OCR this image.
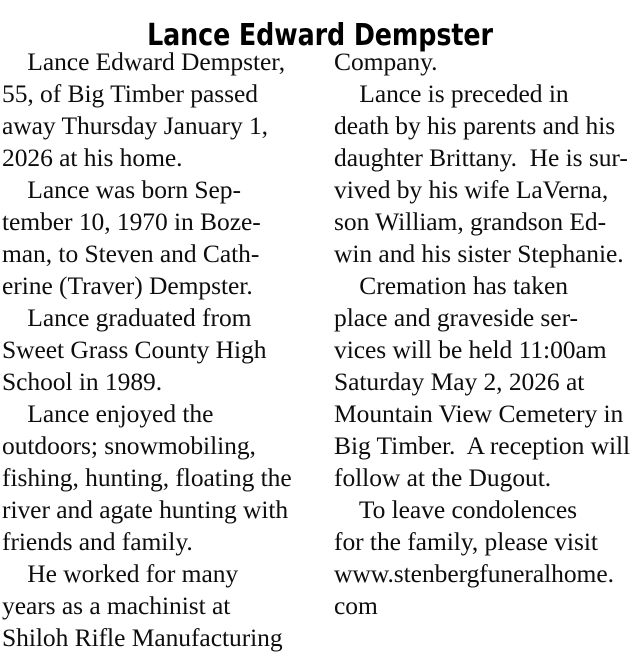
Lance Edward Dempster
Lance Edward Dempster,
55, of Big Timber passed
away Thursday January 1,
2026 at his home.
Lance was born Sep-
tember 10, 1970 in Boze-
man, to Steven and Cath-
erine (Traver) Dempster.
Lance graduated from
Sweet Grass County High
School in 1989.
Lance enjoyed the
outdoors; snowmobiling,
fishing, hunting, floating the
river and agate hunting with
friends and family.
He worked for many
years as a machinist at
Shiloh Rifle Manufacturing
Company.
Lance is preceded in
death by his parents and his
daughter Brittany.  He is sur-
vived by his wife LaVerna,
son William, grandson Ed-
win and his sister Stephanie.
Cremation has taken
place and graveside ser-
vices will be held 11:00am
Saturday May 2, 2026 at
Mountain View Cemetery in
Big Timber.  A reception will
follow at the Dugout.
To leave condolences
for the family, please visit
www.stenbergfuneralhome.
com
